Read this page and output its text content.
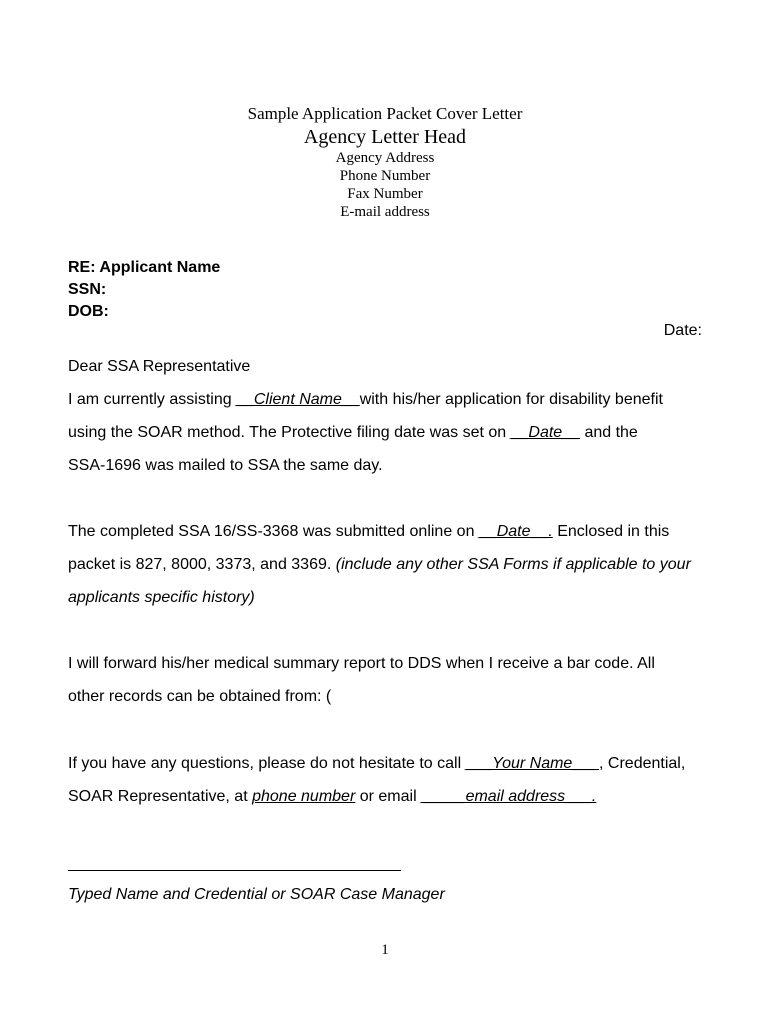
Sample Application Packet Cover Letter
Agency Letter Head
Agency Address
Phone Number
Fax Number
E-mail address
RE: Applicant Name
SSN:
DOB:
Date:
Dear SSA Representative
I am currently assisting __Client Name__with his/her application for disability benefit
using the SOAR method. The Protective filing date was set on __Date__ and the
SSA-1696 was mailed to SSA the same day.
The completed SSA 16/SS-3368 was submitted online on __Date__. Enclosed in this
packet is 827, 8000, 3373, and 3369. (include any other SSA Forms if applicable to your
applicants specific history)
I will forward his/her medical summary report to DDS when I receive a bar code. All
other records can be obtained from: (
If you have any questions, please do not hesitate to call ___Your Name___, Credential,
SOAR Representative, at phone number or email _____email address___.
Typed Name and Credential or SOAR Case Manager
1
